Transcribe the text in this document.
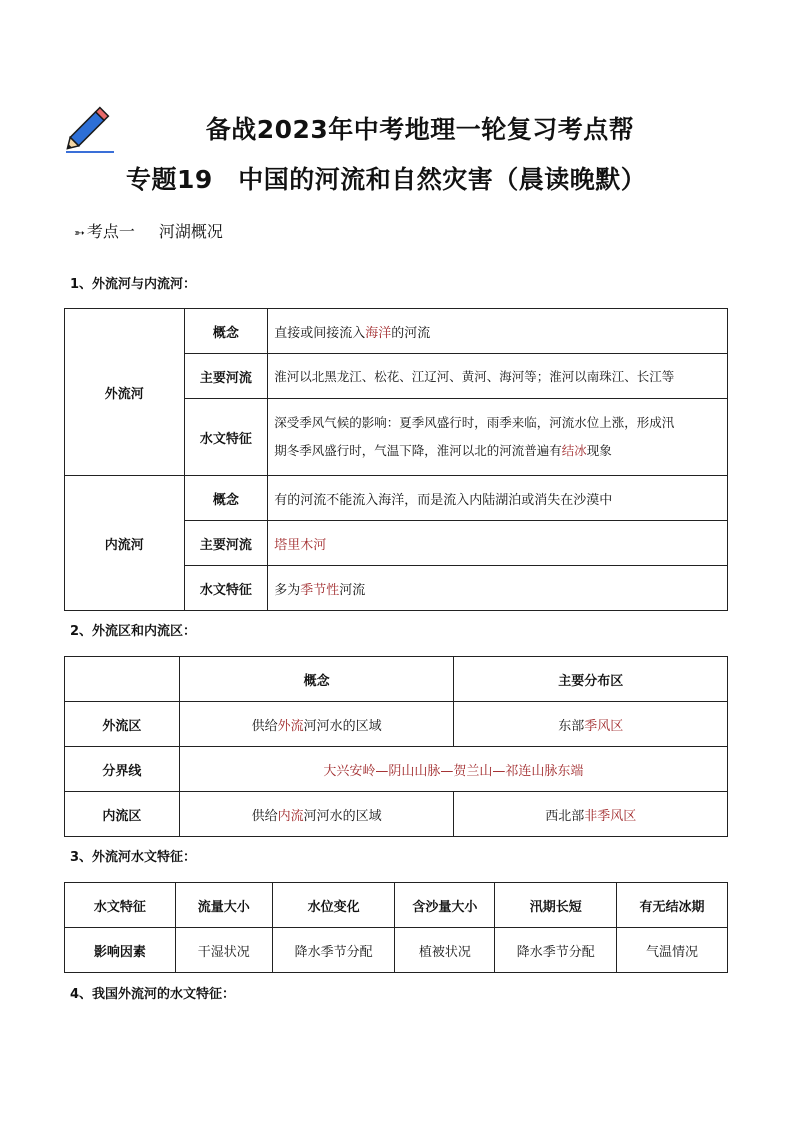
备战2023年中考地理一轮复习考点帮
专题19　中国的河流和自然灾害（晨读晚默）
➳ 考点一 河湖概况
1、外流河与内流河：
外流河	概念	直接或间接流入海洋的河流
	主要河流	淮河以北黑龙江、松花、江辽河、黄河、海河等；淮河以南珠江、长江等
	水文特征	深受季风气候的影响：夏季风盛行时，雨季来临，河流水位上涨，形成汛
期冬季风盛行时，气温下降，淮河以北的河流普遍有结冰现象

内流河	概念	有的河流不能流入海洋，而是流入内陆湖泊或消失在沙漠中
	主要河流	塔里木河
	水文特征	多为季节性河流
2、外流区和内流区：
	概念	主要分布区
外流区	供给外流河河水的区域	东部季风区
分界线	大兴安岭—阴山山脉—贺兰山—祁连山脉东端	
内流区	供给内流河河水的区域	西北部非季风区
3、外流河水文特征：
水文特征	流量大小	水位变化	含沙量大小	汛期长短	有无结冰期
影响因素	干湿状况	降水季节分配	植被状况	降水季节分配	气温情况
4、我国外流河的水文特征：
